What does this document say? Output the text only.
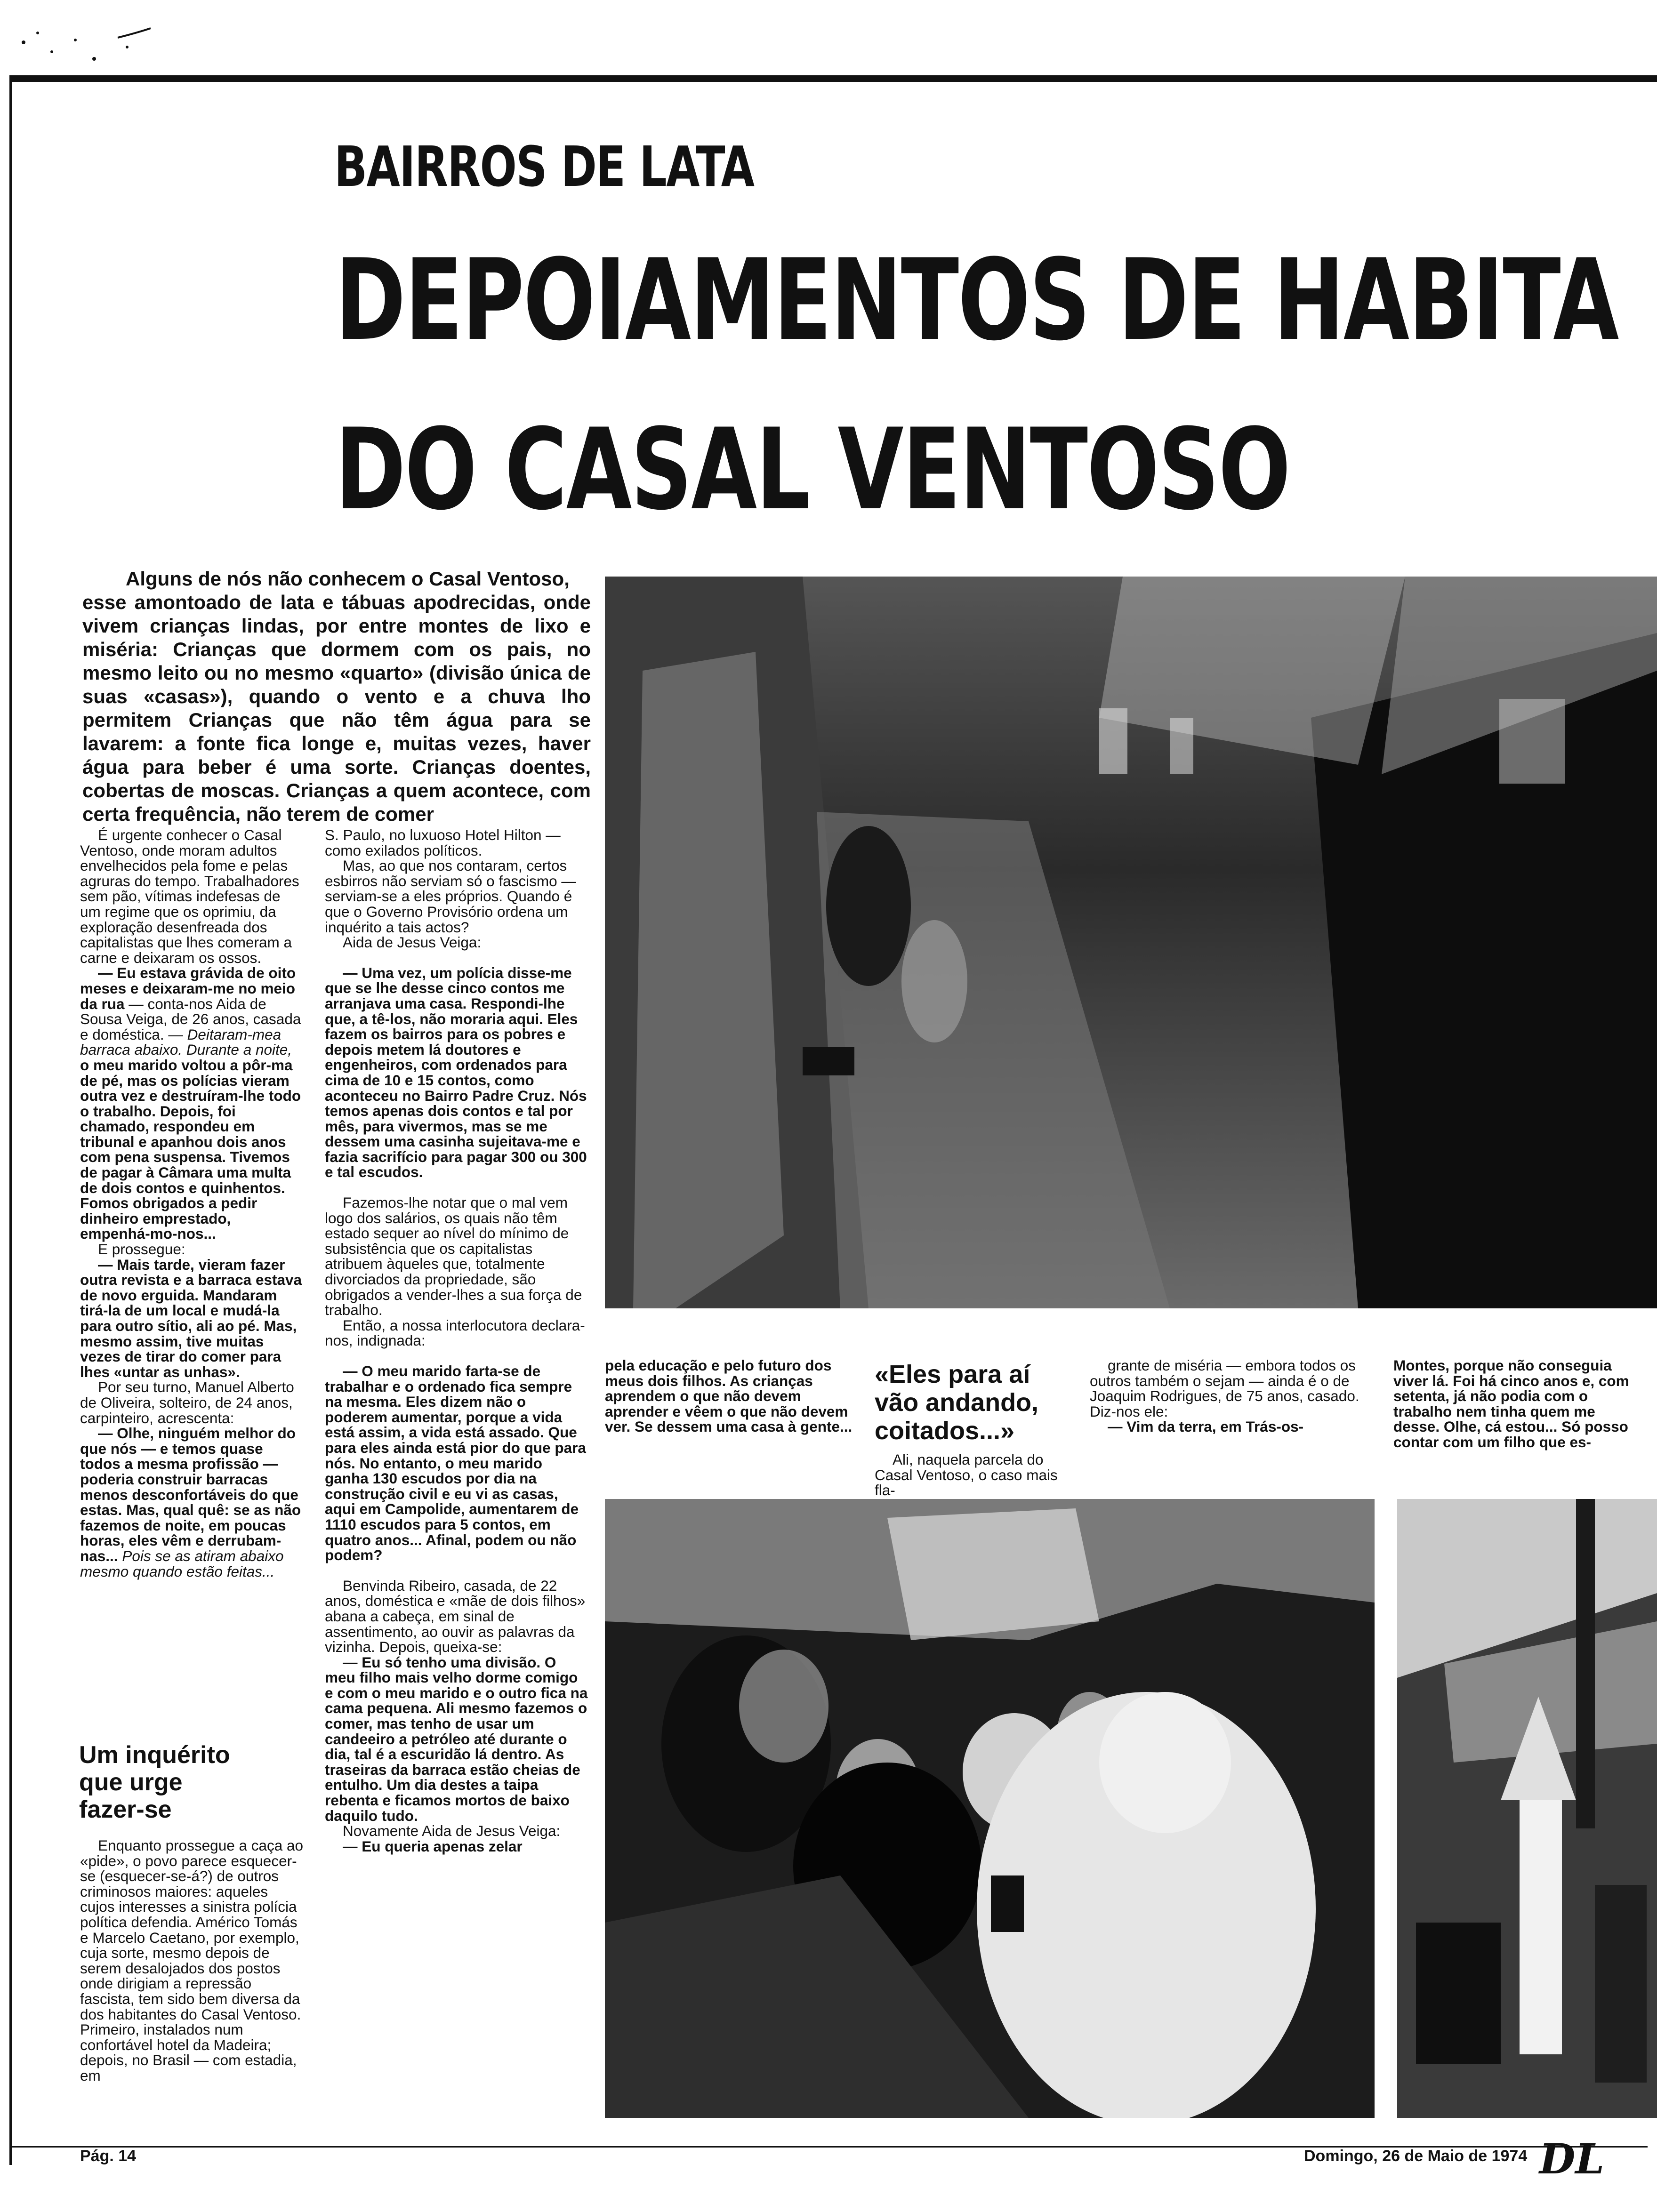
BAIRROS DE LATA
DEPOIAMENTOS DE HABITA
DO CASAL VENTOSO

Alguns de nós não conhecem o Casal Ventoso,

esse amontoado de lata e tábuas apodrecidas, onde vivem crianças lindas, por entre montes de lixo e miséria: Crianças que dormem com os pais, no mesmo leito ou no mesmo «quarto» (divisão única de suas «casas»), quando o vento e a chuva lho permitem Crianças que não têm água para se lavarem: a fonte fica longe e, muitas vezes, haver água para beber é uma sorte. Crianças doentes, cobertas de moscas. Crianças a quem acontece, com certa frequência, não terem de comer

É urgente conhecer o Casal Ventoso, onde moram adultos envelhecidos pela fome e pelas agruras do tempo. Trabalhadores sem pão, vítimas indefesas de um regime que os oprimiu, da exploração desenfreada dos capitalistas que lhes comeram a carne e deixaram os ossos.

— Eu estava grávida de oito meses e deixaram-me no meio da rua — conta-nos Aida de Sousa Veiga, de 26 anos, casada e doméstica. — Deitaram-mea barraca abaixo. Durante a noite, o meu marido voltou a pôr-ma de pé, mas os polícias vieram outra vez e destruíram-lhe todo o trabalho. Depois, foi chamado, respondeu em tribunal e apanhou dois anos com pena suspensa. Tivemos de pagar à Câmara uma multa de dois contos e quinhentos. Fomos obrigados a pedir dinheiro emprestado, empenhá-mo-nos...

E prossegue:

— Mais tarde, vieram fazer outra revista e a barraca estava de novo erguida. Mandaram tirá-la de um local e mudá-la para outro sítio, ali ao pé. Mas, mesmo assim, tive muitas vezes de tirar do comer para lhes «untar as unhas».

Por seu turno, Manuel Alberto de Oliveira, solteiro, de 24 anos, carpinteiro, acrescenta:

— Olhe, ninguém melhor do que nós — e temos quase todos a mesma profissão — poderia construir barracas menos desconfortáveis do que estas. Mas, qual quê: se as não fazemos de noite, em poucas horas, eles vêm e derrubam-nas... Pois se as atiram abaixo mesmo quando estão feitas...

Um inquérito que urge fazer-se

Enquanto prossegue a caça ao «pide», o povo parece esquecer-se (esquecer-se-á?) de outros criminosos maiores: aqueles cujos interesses a sinistra polícia política defendia. Américo Tomás e Marcelo Caetano, por exemplo, cuja sorte, mesmo depois de serem desalojados dos postos onde dirigiam a repressão fascista, tem sido bem diversa da dos habitantes do Casal Ventoso. Primeiro, instalados num confortável hotel da Madeira; depois, no Brasil — com estadia, em

S. Paulo, no luxuoso Hotel Hilton — como exilados políticos.

Mas, ao que nos contaram, certos esbirros não serviam só o fascismo — serviam-se a eles próprios. Quando é que o Governo Provisório ordena um inquérito a tais actos?

Aida de Jesus Veiga:

— Uma vez, um polícia disse-me que se lhe desse cinco contos me arranjava uma casa. Respondi-lhe que, a tê-los, não moraria aqui. Eles fazem os bairros para os pobres e depois metem lá doutores e engenheiros, com ordenados para cima de 10 e 15 contos, como aconteceu no Bairro Padre Cruz. Nós temos apenas dois contos e tal por mês, para vivermos, mas se me dessem uma casinha sujeitava-me e fazia sacrifício para pagar 300 ou 300 e tal escudos.

Fazemos-lhe notar que o mal vem logo dos salários, os quais não têm estado sequer ao nível do mínimo de subsistência que os capitalistas atribuem àqueles que, totalmente divorciados da propriedade, são obrigados a vender-lhes a sua força de trabalho.

Então, a nossa interlocutora declara-nos, indignada:

— O meu marido farta-se de trabalhar e o ordenado fica sempre na mesma. Eles dizem não o poderem aumentar, porque a vida está assim, a vida está assado. Que para eles ainda está pior do que para nós. No entanto, o meu marido ganha 130 escudos por dia na construção civil e eu vi as casas, aqui em Campolide, aumentarem de 1110 escudos para 5 contos, em quatro anos... Afinal, podem ou não podem?

Benvinda Ribeiro, casada, de 22 anos, doméstica e «mãe de dois filhos» abana a cabeça, em sinal de assentimento, ao ouvir as palavras da vizinha. Depois, queixa-se:

— Eu só tenho uma divisão. O meu filho mais velho dorme comigo e com o meu marido e o outro fica na cama pequena. Ali mesmo fazemos o comer, mas tenho de usar um candeeiro a petróleo até durante o dia, tal é a escuridão lá dentro. As traseiras da barraca estão cheias de entulho. Um dia destes a taipa rebenta e ficamos mortos de baixo daquilo tudo.

Novamente Aida de Jesus Veiga:

— Eu queria apenas zelar

pela educação e pelo futuro dos meus dois filhos. As crianças aprendem o que não devem aprender e vêem o que não devem ver. Se dessem uma casa à gente...

«Eles para aí vão andando, coitados...»

Ali, naquela parcela do Casal Ventoso, o caso mais fla-

grante de miséria — embora todos os outros também o sejam — ainda é o de Joaquim Rodrigues, de 75 anos, casado. Diz-nos ele:

— Vim da terra, em Trás-os-

Montes, porque não conseguia viver lá. Foi há cinco anos e, com setenta, já não podia com o trabalho nem tinha quem me desse. Olhe, cá estou... Só posso contar com um filho que es-

Pág. 14	Domingo, 26 de Maio de 1974 DL
